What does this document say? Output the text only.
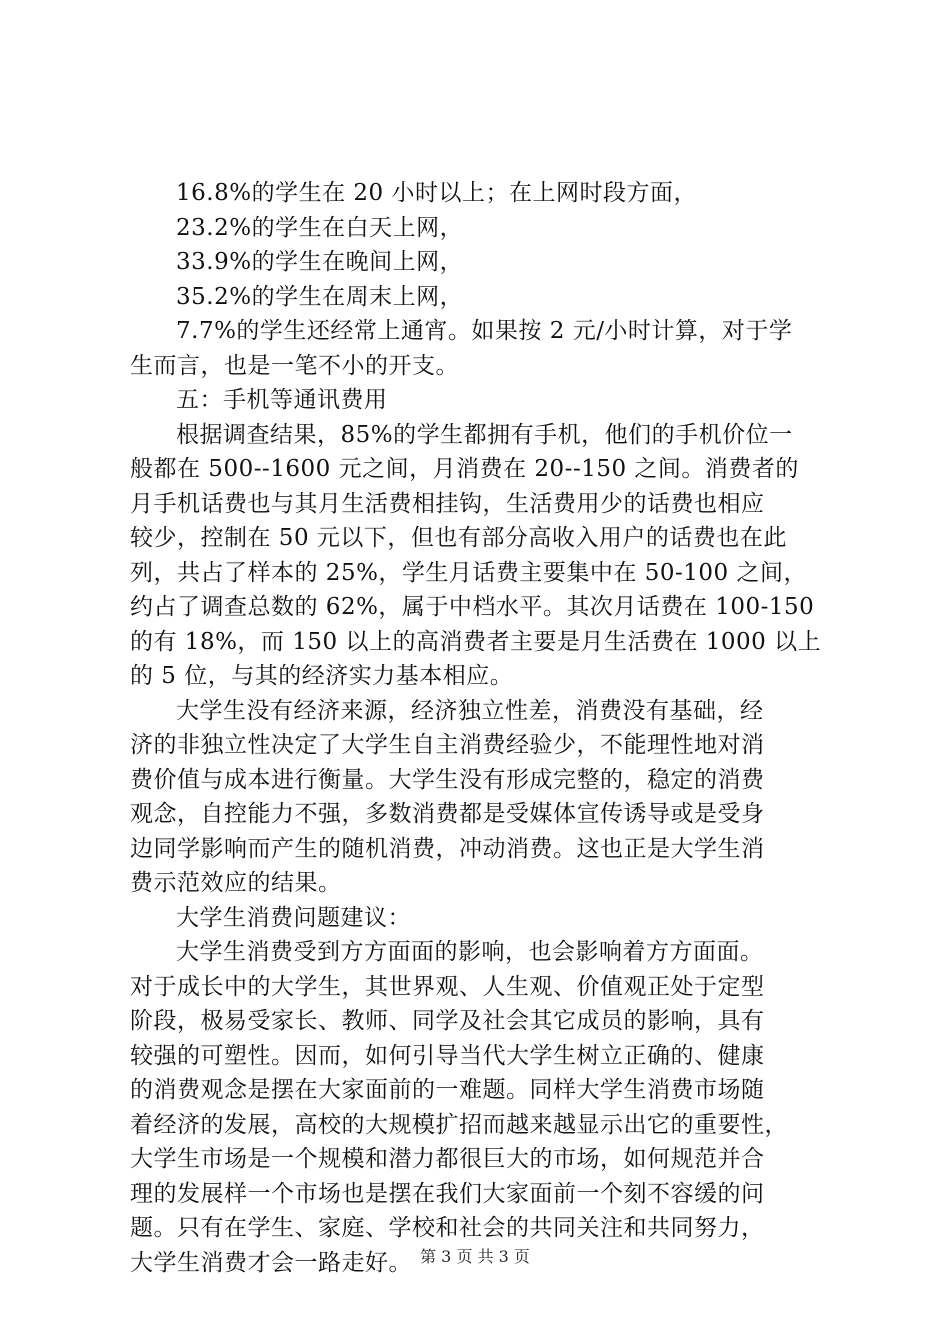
16.8%的学生在 20 小时以上；在上网时段方面，
23.2%的学生在白天上网，
33.9%的学生在晚间上网，
35.2%的学生在周末上网，
7.7%的学生还经常上通宵。如果按 2 元/小时计算，对于学
生而言，也是一笔不小的开支。
五：手机等通讯费用
根据调查结果，85%的学生都拥有手机，他们的手机价位一
般都在 500--1600 元之间，月消费在 20--150 之间。消费者的
月手机话费也与其月生活费相挂钩，生活费用少的话费也相应
较少，控制在 50 元以下，但也有部分高收入用户的话费也在此
列，共占了样本的 25%，学生月话费主要集中在 50-100 之间，
约占了调查总数的 62%，属于中档水平。其次月话费在 100-150
的有 18%，而 150 以上的高消费者主要是月生活费在 1000 以上
的 5 位，与其的经济实力基本相应。
大学生没有经济来源，经济独立性差，消费没有基础，经
济的非独立性决定了大学生自主消费经验少，不能理性地对消
费价值与成本进行衡量。大学生没有形成完整的，稳定的消费
观念，自控能力不强，多数消费都是受媒体宣传诱导或是受身
边同学影响而产生的随机消费，冲动消费。这也正是大学生消
费示范效应的结果。
大学生消费问题建议：
大学生消费受到方方面面的影响，也会影响着方方面面。
对于成长中的大学生，其世界观、人生观、价值观正处于定型
阶段，极易受家长、教师、同学及社会其它成员的影响，具有
较强的可塑性。因而，如何引导当代大学生树立正确的、健康
的消费观念是摆在大家面前的一难题。同样大学生消费市场随
着经济的发展，高校的大规模扩招而越来越显示出它的重要性，
大学生市场是一个规模和潜力都很巨大的市场，如何规范并合
理的发展样一个市场也是摆在我们大家面前一个刻不容缓的问
题。只有在学生、家庭、学校和社会的共同关注和共同努力，
大学生消费才会一路走好。 第 3 页 共 3 页
